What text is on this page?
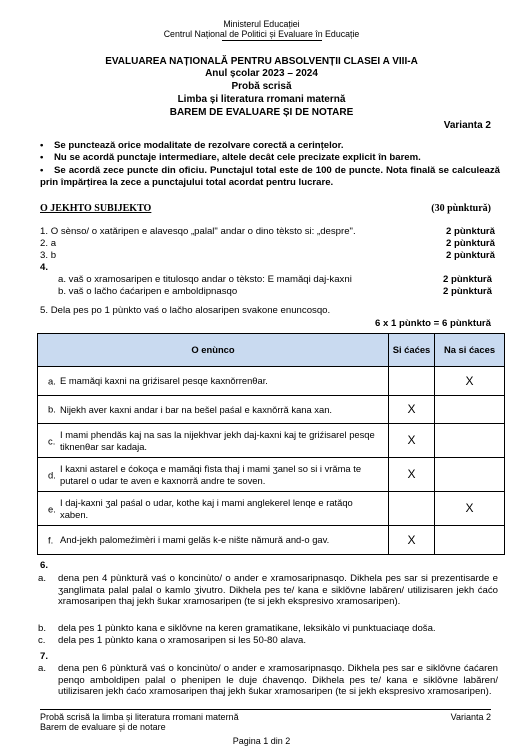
Ministerul Educației
Centrul Național de Politici și Evaluare în Educație
EVALUAREA NAȚIONALĂ PENTRU ABSOLVENȚII CLASEI A VIII-A
Anul școlar 2023 – 2024
Probă scrisă
Limba și literatura rromani maternă
BAREM DE EVALUARE ȘI DE NOTARE
Varianta 2
• Se punctează orice modalitate de rezolvare corectă a cerințelor.
• Nu se acordă punctaje intermediare, altele decât cele precizate explicit în barem.
•	Se acordă zece puncte din oficiu. Punctajul total este de 100 de puncte. Nota finală se calculează prin împărțirea la zece a punctajului total acordat pentru lucrare.
O JEKHTO SUBIJEKTO	(30 pùnkturǎ)
1. O sènso/ o xatǎripen e alavesqo „palal" andar o dino tèksto si: „despre".	2 pùnkturǎ
2. a	2 pùnkturǎ
3. b	2 pùnkturǎ
4.
a. vaš o xramosaripen e titulosqo andar o tèksto: E mamǎqi daj-kaxni	2 pùnkturǎ
b. vaš o lačho ćaćaripen e amboldipnasqo	2 pùnkturǎ
5. Dela pes po 1 pùnkto vaś o lačho alosaripen svakone enuncosqo.
6 x 1 pùnkto = 6 pùnkturǎ
O enùnco	Si ćaćes	Na si ćaces

a. E mamǎqi kaxni na griźisarel pesqe kaxnǒrrenθar.		X

b. Nijekh aver kaxni andar i bar na bešel paśal e kaxnǒrrǎ kana xan.	X	

c.
I mami phendǎs kaj na sas la nijekhvar jekh daj-kaxni kaj te griźisarel pesqe tiknenθar sar kadaja.	X	

d.
I kaxni astarel e ćokoça e mamǎqi fìsta thaj i mami ʒanel so si i vrǎma te putarel o udar te aven e kaxnorrǎ andre te soven.	X	

e.
I daj-kaxni ʒal paśal o udar, kothe kaj i mami anglekerel lenqe e ratǎqo xaben.		X

f. And-jekh palomeźimèri i mami gelǎs k-e nište nǎmurǎ and-o gav.	X	
6.
a. dena pen 4 pùnkturǎ vaś o koncinùto/ o ander e xramosaripnasqo. Dikhela pes sar si prezentisarde e ʒanglimata palal palal o kamlo ʒivutro. Dikhela pes te/ kana e siklǒvne labǎren/ utilizisaren jekh ćaćo xramosaripen thaj jekh šukar xramosaripen (te si jekh ekspresivo xramosaripen).
b. dela pes 1 pùnkto kana e siklǒvne na keren gramatikane, leksikàlo vi punktuaciaqe doša.
c. dela pes 1 pùnkto kana o xramosaripen si les 50-80 alava.
7.
a. dena pen 6 pùnkturǎ vaś o koncinùto/ o ander e xramosaripnasqo. Dikhela pes sar e siklǒvne ćaćaren penqo amboldipen palal o phenipen le duje ćhavenqo. Dikhela pes te/ kana e siklǒvne labǎren/ utilizisaren jekh ćaćo xramosaripen thaj jekh šukar xramosaripen (te si jekh ekspresivo xramosaripen).
Probă scrisă la limba și literatura rromani maternă
Barem de evaluare și de notare
Varianta 2
Pagina 1 din 2
